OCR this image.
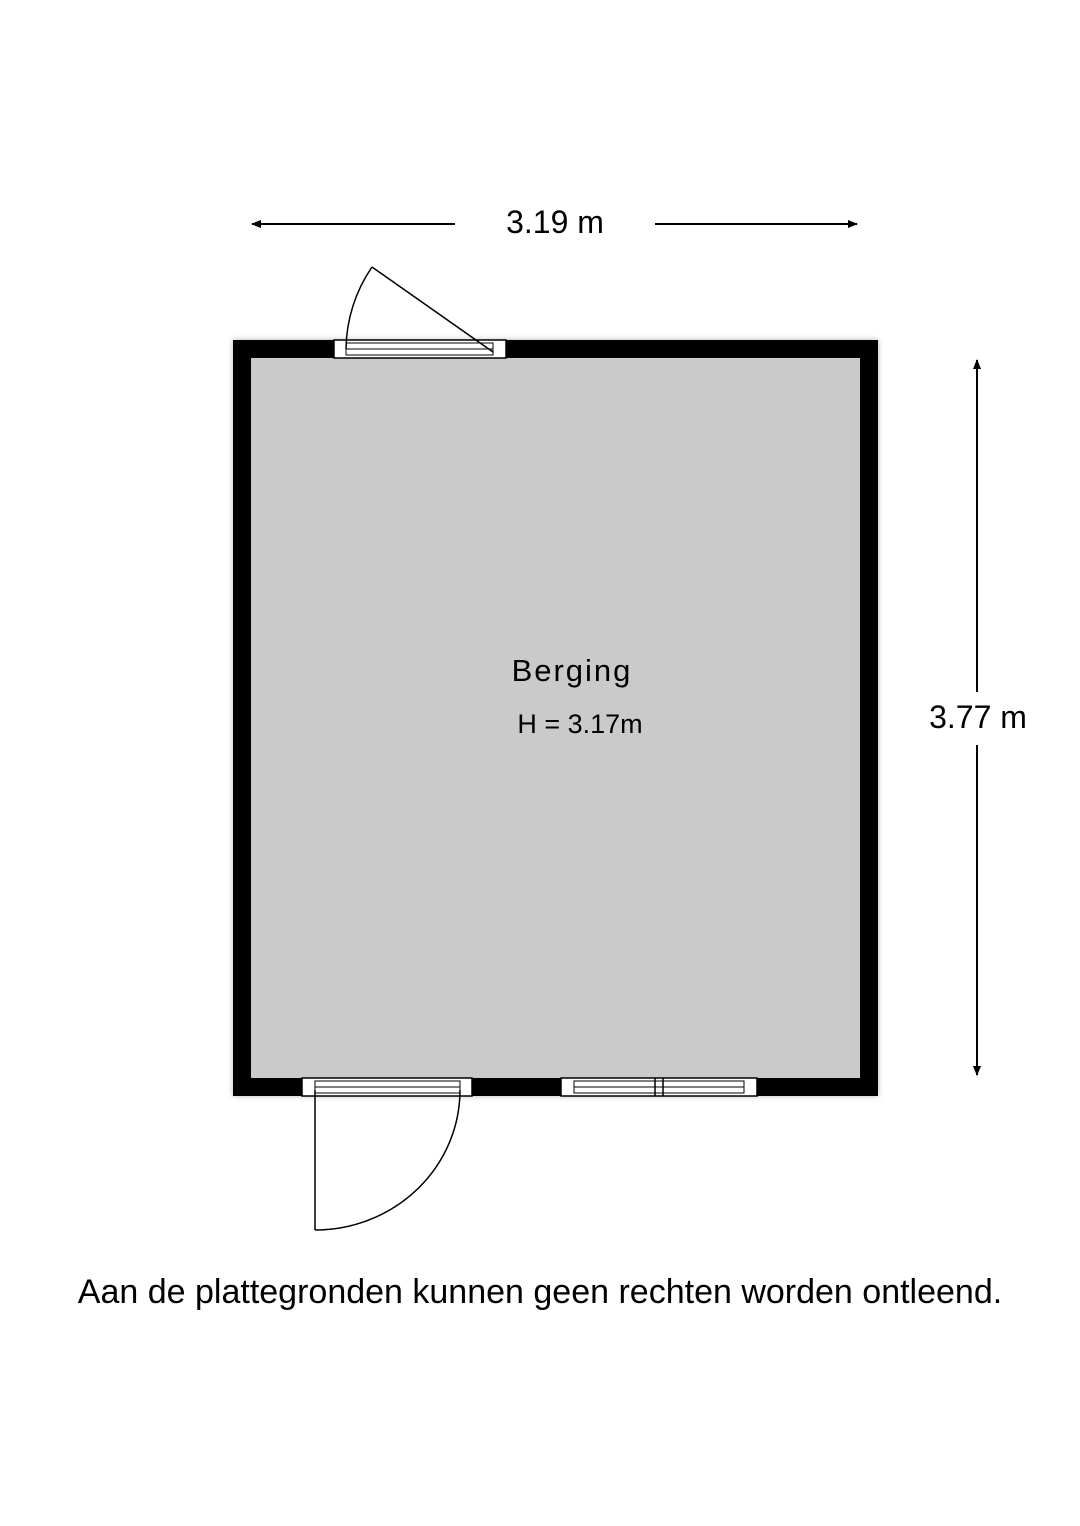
3.19 m
3.77 m
Berging
H = 3.17m
Aan de plattegronden kunnen geen rechten worden ontleend.
